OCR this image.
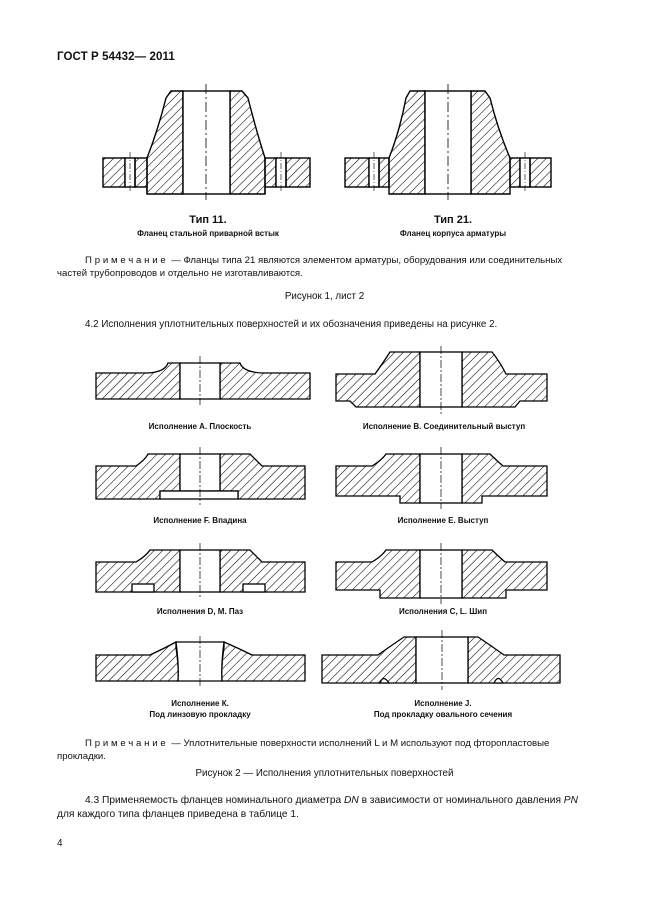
ГОСТ Р 54432— 2011
Тип 11.
Фланец стальной приварной встык
Тип 21.
Фланец корпуса арматуры
Примечание — Фланцы типа 21 являются элементом арматуры, оборудования или соединительных частей трубопроводов и отдельно не изготавливаются.
Рисунок 1, лист 2
4.2 Исполнения уплотнительных поверхностей и их обозначения приведены на рисунке 2.
Исполнение А. Плоскость	Исполнение В. Соединительный выступ
Исполнение F. Впадина	Исполнение Е. Выступ
Исполнения D, M. Паз	Исполнения С, L. Шип
Исполнение К.
Под линзовую прокладку
Исполнение J.
Под прокладку овального сечения
Примечание — Уплотнительные поверхности исполнений L и M используют под фторопластовые прокладки.
Рисунок 2 — Исполнения уплотнительных поверхностей
4.3 Применяемость фланцев номинального диаметра DN в зависимости от номинального давления PN для каждого типа фланцев приведена в таблице 1.
4
